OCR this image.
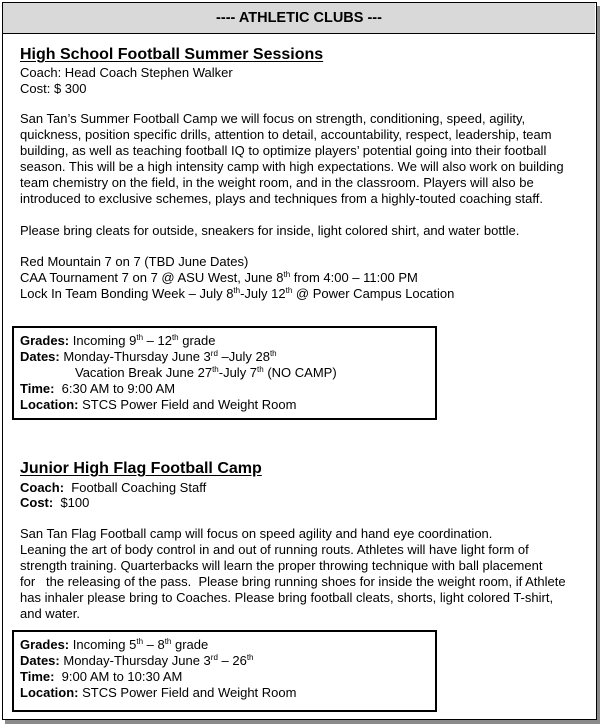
---- ATHLETIC CLUBS ---
High School Football Summer Sessions
Coach: Head Coach Stephen Walker
Cost: $ 300
San Tan’s Summer Football Camp we will focus on strength, conditioning, speed, agility,
quickness, position specific drills, attention to detail, accountability, respect, leadership, team
building, as well as teaching football IQ to optimize players’ potential going into their football
season. This will be a high intensity camp with high expectations. We will also work on building
team chemistry on the field, in the weight room, and in the classroom. Players will also be
introduced to exclusive schemes, plays and techniques from a highly-touted coaching staff.
Please bring cleats for outside, sneakers for inside, light colored shirt, and water bottle.
Red Mountain 7 on 7 (TBD June Dates)
CAA Tournament 7 on 7 @ ASU West, June 8th from 4:00 – 11:00 PM
Lock In Team Bonding Week – July 8th-July 12th @ Power Campus Location
Grades: Incoming 9th – 12th grade
Dates: Monday-Thursday June 3rd –July 28th
Vacation Break June 27th-July 7th (NO CAMP)
Time:  6:30 AM to 9:00 AM
Location: STCS Power Field and Weight Room
Junior High Flag Football Camp
Coach:  Football Coaching Staff
Cost:  $100
San Tan Flag Football camp will focus on speed agility and hand eye coordination.
Leaning the art of body control in and out of running routs. Athletes will have light form of
strength training. Quarterbacks will learn the proper throwing technique with ball placement
for   the releasing of the pass.  Please bring running shoes for inside the weight room, if Athlete
has inhaler please bring to Coaches. Please bring football cleats, shorts, light colored T-shirt,
and water.
Grades: Incoming 5th – 8th grade
Dates: Monday-Thursday June 3rd – 26th
Time:  9:00 AM to 10:30 AM
Location: STCS Power Field and Weight Room
